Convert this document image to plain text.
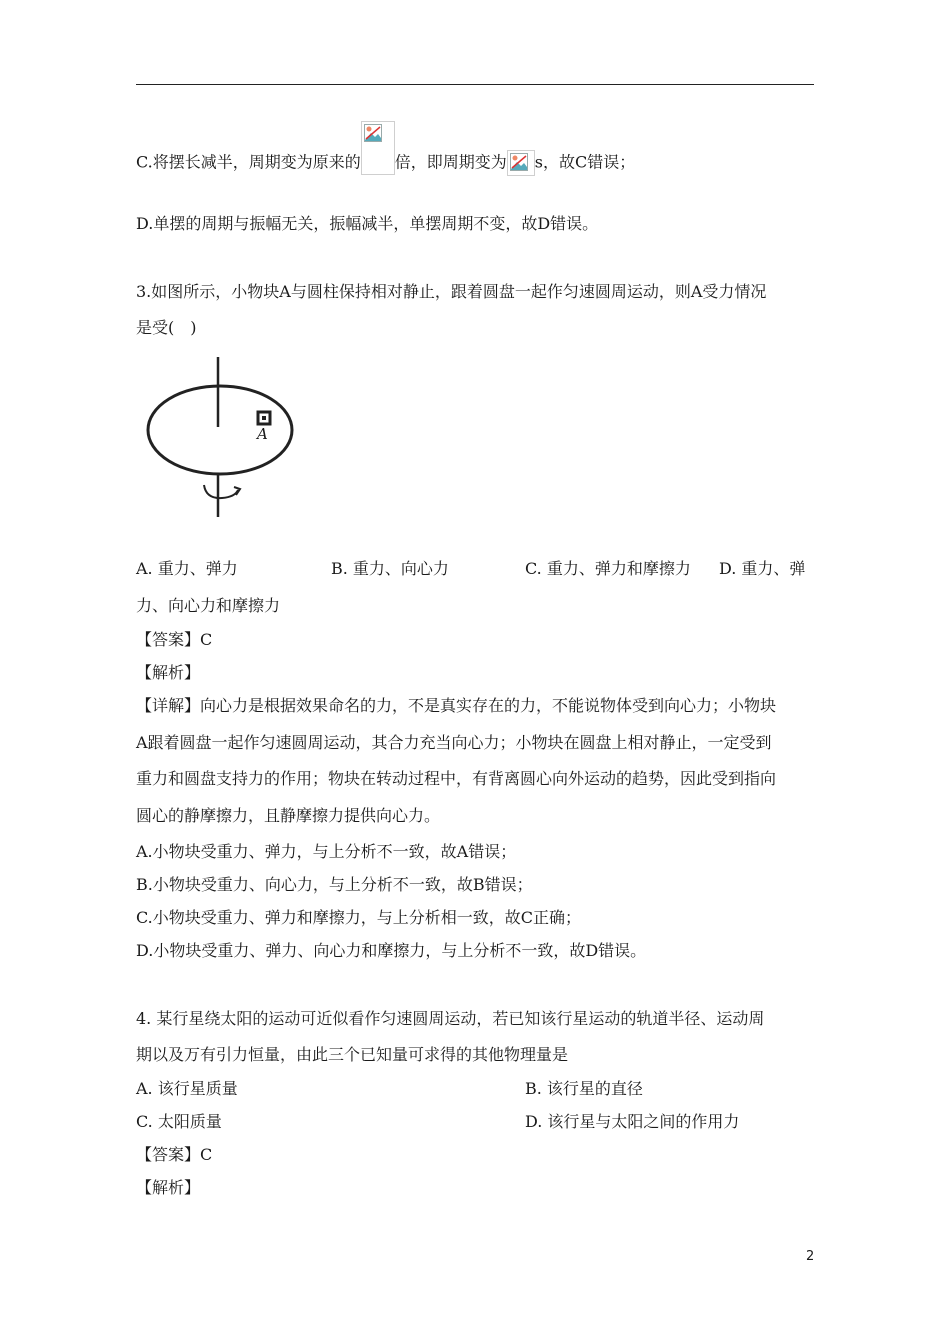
C.将摆长减半，周期变为原来的 倍，即周期变为 s，故C错误；
D.单摆的周期与振幅无关，振幅减半，单摆周期不变，故D错误。
3.如图所示，小物块A与圆柱保持相对静止，跟着圆盘一起作匀速圆周运动，则A受力情况
是受(　)
A
A. 重力、弹力	B. 重力、向心力	C. 重力、弹力和摩擦力 D. 重力、弹
力、向心力和摩擦力
【答案】C
【解析】
【详解】向心力是根据效果命名的力，不是真实存在的力，不能说物体受到向心力；小物块
A跟着圆盘一起作匀速圆周运动，其合力充当向心力；小物块在圆盘上相对静止，一定受到
重力和圆盘支持力的作用；物块在转动过程中，有背离圆心向外运动的趋势，因此受到指向
圆心的静摩擦力，且静摩擦力提供向心力。
A.小物块受重力、弹力，与上分析不一致，故A错误；
B.小物块受重力、向心力，与上分析不一致，故B错误；
C.小物块受重力、弹力和摩擦力，与上分析相一致，故C正确；
D.小物块受重力、弹力、向心力和摩擦力，与上分析不一致，故D错误。
4. 某行星绕太阳的运动可近似看作匀速圆周运动，若已知该行星运动的轨道半径、运动周
期以及万有引力恒量，由此三个已知量可求得的其他物理量是
A. 该行星质量	B. 该行星的直径
C. 太阳质量	D. 该行星与太阳之间的作用力
【答案】C
【解析】
2
